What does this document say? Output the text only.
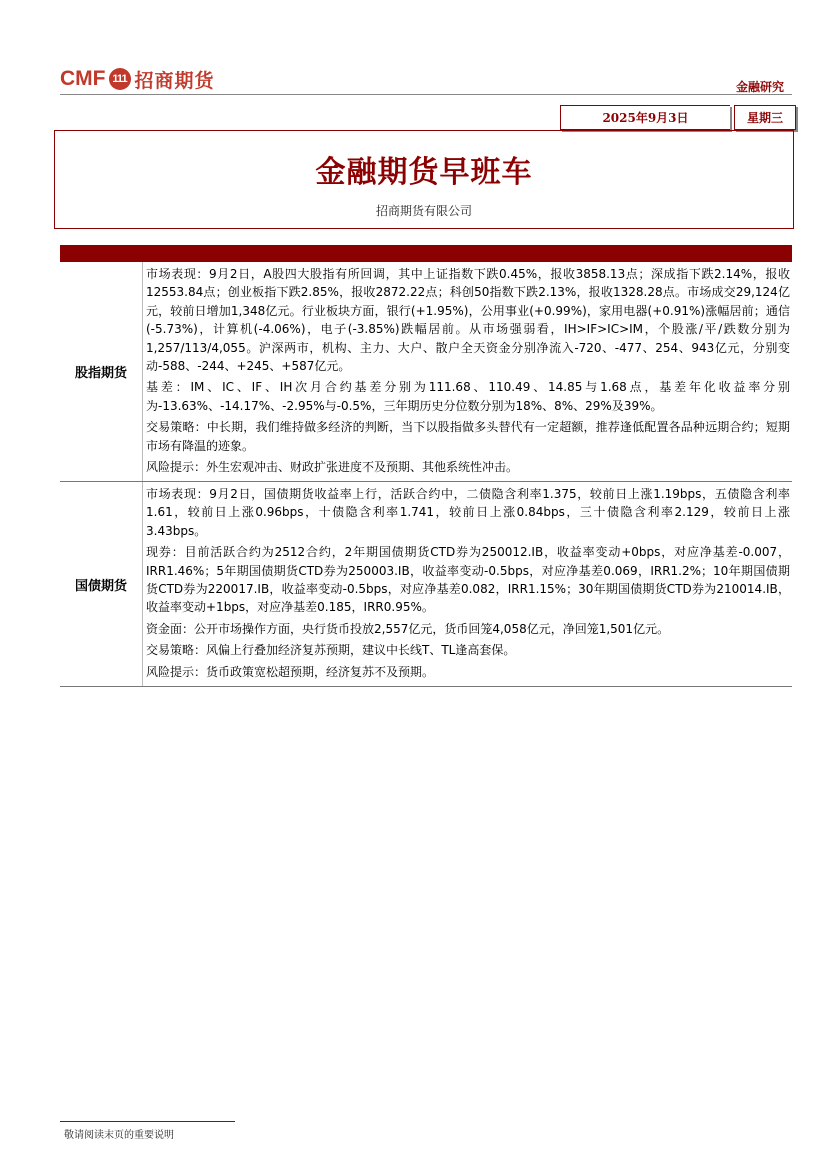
CMF 111 招商期货	金融研究
2025年9月3日	星期三
金融期货早班车
招商期货有限公司
股指期货

市场表现：9月2日，A股四大股指有所回调，其中上证指数下跌0.45%，报收3858.13点；深成指下跌2.14%，报收12553.84点；创业板指下跌2.85%，报收2872.22点；科创50指数下跌2.13%，报收1328.28点。市场成交29,124亿元，较前日增加1,348亿元。行业板块方面，银行(+1.95%)，公用事业(+0.99%)，家用电器(+0.91%)涨幅居前；通信(-5.73%)，计算机(-4.06%)，电子(-3.85%)跌幅居前。从市场强弱看，IH>IF>IC>IM，个股涨/平/跌数分别为1,257/113/4,055。沪深两市，机构、主力、大户、散户全天资金分别净流入-720、-477、254、943亿元，分别变动-588、-244、+245、+587亿元。

基差：IM、IC、IF、IH次月合约基差分别为111.68、110.49、14.85与1.68点，基差年化收益率分别为-13.63%、-14.17%、-2.95%与-0.5%，三年期历史分位数分别为18%、8%、29%及39%。

交易策略：中长期，我们维持做多经济的判断，当下以股指做多头替代有一定超额，推荐逢低配置各品种远期合约；短期市场有降温的迹象。

风险提示：外生宏观冲击、财政扩张进度不及预期、其他系统性冲击。

国债期货

市场表现：9月2日，国债期货收益率上行，活跃合约中，二债隐含利率1.375，较前日上涨1.19bps，五债隐含利率1.61，较前日上涨0.96bps，十债隐含利率1.741，较前日上涨0.84bps，三十债隐含利率2.129，较前日上涨3.43bps。

现券：目前活跃合约为2512合约，2年期国债期货CTD券为250012.IB，收益率变动+0bps，对应净基差-0.007，IRR1.46%；5年期国债期货CTD券为250003.IB，收益率变动-0.5bps，对应净基差0.069，IRR1.2%；10年期国债期货CTD券为220017.IB，收益率变动-0.5bps，对应净基差0.082，IRR1.15%；30年期国债期货CTD券为210014.IB，收益率变动+1bps，对应净基差0.185，IRR0.95%。

资金面：公开市场操作方面，央行货币投放2,557亿元，货币回笼4,058亿元，净回笼1,501亿元。

交易策略：风偏上行叠加经济复苏预期，建议中长线T、TL逢高套保。

风险提示：货币政策宽松超预期，经济复苏不及预期。

敬请阅读末页的重要说明
